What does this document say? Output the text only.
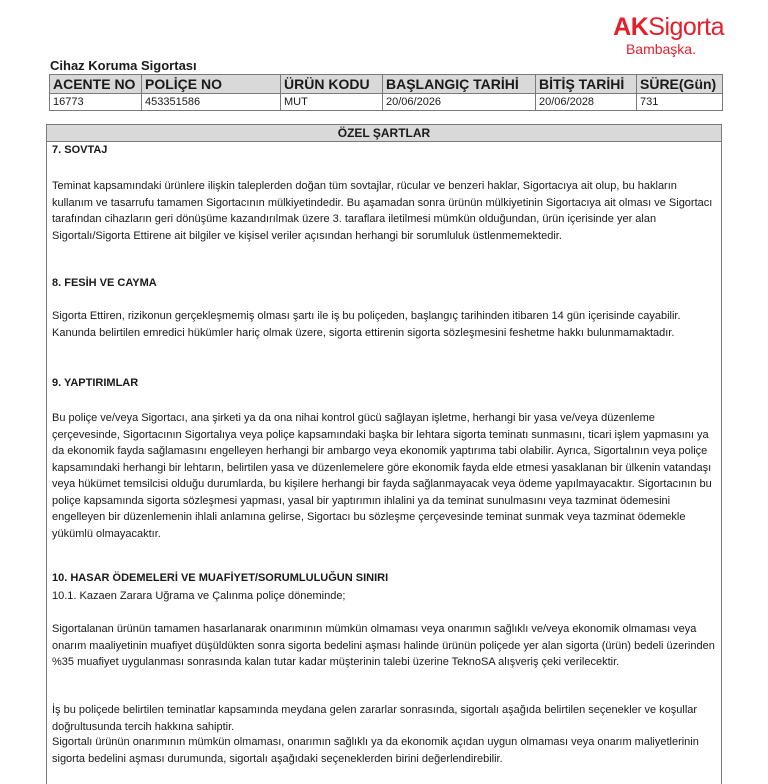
AKSigorta
Bambaşka.
Cihaz Koruma Sigortası
ACENTE NO	POLİÇE NO	ÜRÜN KODU	BAŞLANGIÇ TARİHİ	BİTİŞ TARİHİ	SÜRE(Gün)
16773	453351586	MUT	20/06/2026	20/06/2028	731
ÖZEL ŞARTLAR
7. SOVTAJ
Teminat kapsamındaki ürünlere ilişkin taleplerden doğan tüm sovtajlar, rücular ve benzeri haklar, Sigortacıya ait olup, bu hakların kullanım ve tasarrufu tamamen Sigortacının mülkiyetindedir. Bu aşamadan sonra ürünün mülkiyetinin Sigortacıya ait olması ve Sigortacı tarafından cihazların geri dönüşüme kazandırılmak üzere 3. taraflara iletilmesi mümkün olduğundan, ürün içerisinde yer alan Sigortalı/Sigorta Ettirene ait bilgiler ve kişisel veriler açısından herhangi bir sorumluluk üstlenmemektedir.
8. FESİH VE CAYMA
Sigorta Ettiren, rizikonun gerçekleşmemiş olması şartı ile iş bu poliçeden, başlangıç tarihinden itibaren 14 gün içerisinde cayabilir. Kanunda belirtilen emredici hükümler hariç olmak üzere, sigorta ettirenin sigorta sözleşmesini feshetme hakkı bulunmamaktadır.
9. YAPTIRIMLAR
Bu poliçe ve/veya Sigortacı, ana şirketi ya da ona nihai kontrol gücü sağlayan işletme, herhangi bir yasa ve/veya düzenleme çerçevesinde, Sigortacının Sigortalıya veya poliçe kapsamındaki başka bir lehtara sigorta teminatı sunmasını, ticari işlem yapmasını ya da ekonomik fayda sağlamasını engelleyen herhangi bir ambargo veya ekonomik yaptırıma tabi olabilir. Ayrıca, Sigortalının veya poliçe kapsamındaki herhangi bir lehtarın, belirtilen yasa ve düzenlemelere göre ekonomik fayda elde etmesi yasaklanan bir ülkenin vatandaşı veya hükümet temsilcisi olduğu durumlarda, bu kişilere herhangi bir fayda sağlanmayacak veya ödeme yapılmayacaktır. Sigortacının bu poliçe kapsamında sigorta sözleşmesi yapması, yasal bir yaptırımın ihlalini ya da teminat sunulmasını veya tazminat ödemesini engelleyen bir düzenlemenin ihlali anlamına gelirse, Sigortacı bu sözleşme çerçevesinde teminat sunmak veya tazminat ödemekle yükümlü olmayacaktır.
10. HASAR ÖDEMELERİ VE MUAFİYET/SORUMLULUĞUN SINIRI
10.1. Kazaen Zarara Uğrama ve Çalınma poliçe döneminde;
Sigortalanan ürünün tamamen hasarlanarak onarımının mümkün olmaması veya onarımın sağlıklı ve/veya ekonomik olmaması veya onarım maaliyetinin muafiyet düşüldükten sonra sigorta bedelini aşması halinde ürünün poliçede yer alan sigorta (ürün) bedeli üzerinden %35 muafiyet uygulanması sonrasında kalan tutar kadar müşterinin talebi üzerine TeknoSA alışveriş çeki verilecektir.
İş bu poliçede belirtilen teminatlar kapsamında meydana gelen zararlar sonrasında, sigortalı aşağıda belirtilen seçenekler ve koşullar doğrultusunda tercih hakkına sahiptir.
Sigortalı ürünün onarımının mümkün olmaması, onarımın sağlıklı ya da ekonomik açıdan uygun olmaması veya onarım maliyetlerinin sigorta bedelini aşması durumunda, sigortalı aşağıdaki seçeneklerden birini değerlendirebilir.
